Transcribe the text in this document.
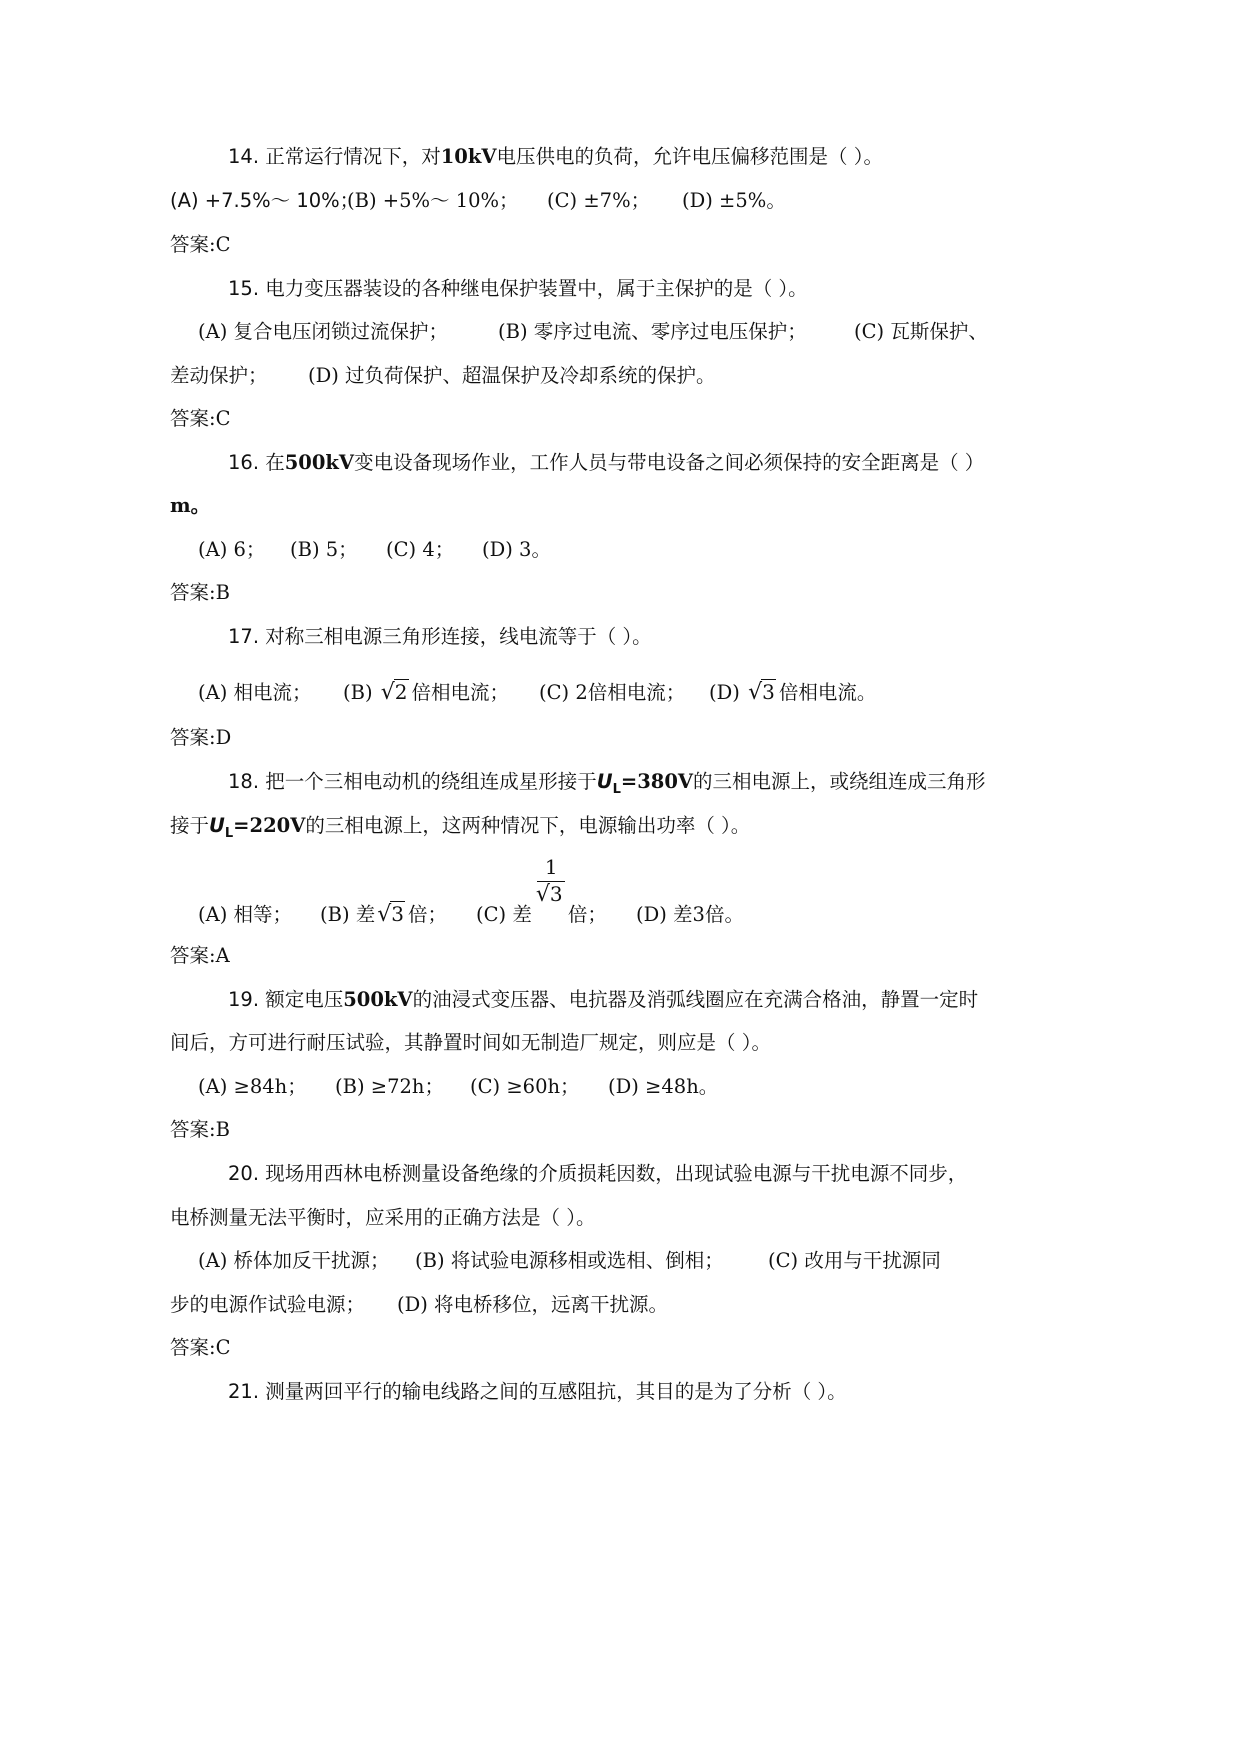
14. 正常运行情况下，对10kV电压供电的负荷，允许电压偏移范围是（ ）。
(A) +7.5%～ 10%；(B) +5%～ 10%； (C) ±7%； (D) ±5%。
答案:C
15. 电力变压器装设的各种继电保护装置中，属于主保护的是（ ）。
(A) 复合电压闭锁过流保护；	(B) 零序过电流、零序过电压保护； (C) 瓦斯保护、
差动保护； (D) 过负荷保护、超温保护及冷却系统的保护。
答案:C
16. 在500kV变电设备现场作业，工作人员与带电设备之间必须保持的安全距离是（ ）
m。
(A) 6； (B) 5； (C) 4； (D) 3。
答案:B
17. 对称三相电源三角形连接，线电流等于（ ）。
(A) 相电流； (B) √2 倍相电流； (C) 2倍相电流； (D) √3 倍相电流。
答案:D
18. 把一个三相电动机的绕组连成星形接于$U_L=380V$的三相电源上，或绕组连成三角形
接于$U_L=220V$的三相电源上，这两种情况下，电源输出功率（ ）。
(A) 相等； (B) 差√3 倍； (C) 差 $\frac{1}{√3}$ 倍； (D) 差3倍。
答案:A
19. 额定电压500kV的油浸式变压器、电抗器及消弧线圈应在充满合格油，静置一定时
间后，方可进行耐压试验，其静置时间如无制造厂规定，则应是（ ）。
(A) ≥84h； (B) ≥72h； (C) ≥60h； (D) ≥48h。
答案:B
20. 现场用西林电桥测量设备绝缘的介质损耗因数，出现试验电源与干扰电源不同步，
电桥测量无法平衡时，应采用的正确方法是（ ）。
(A) 桥体加反干扰源； (B) 将试验电源移相或选相、倒相； (C) 改用与干扰源同
步的电源作试验电源； (D) 将电桥移位，远离干扰源。
答案:C
21. 测量两回平行的输电线路之间的互感阻抗，其目的是为了分析（ ）。
